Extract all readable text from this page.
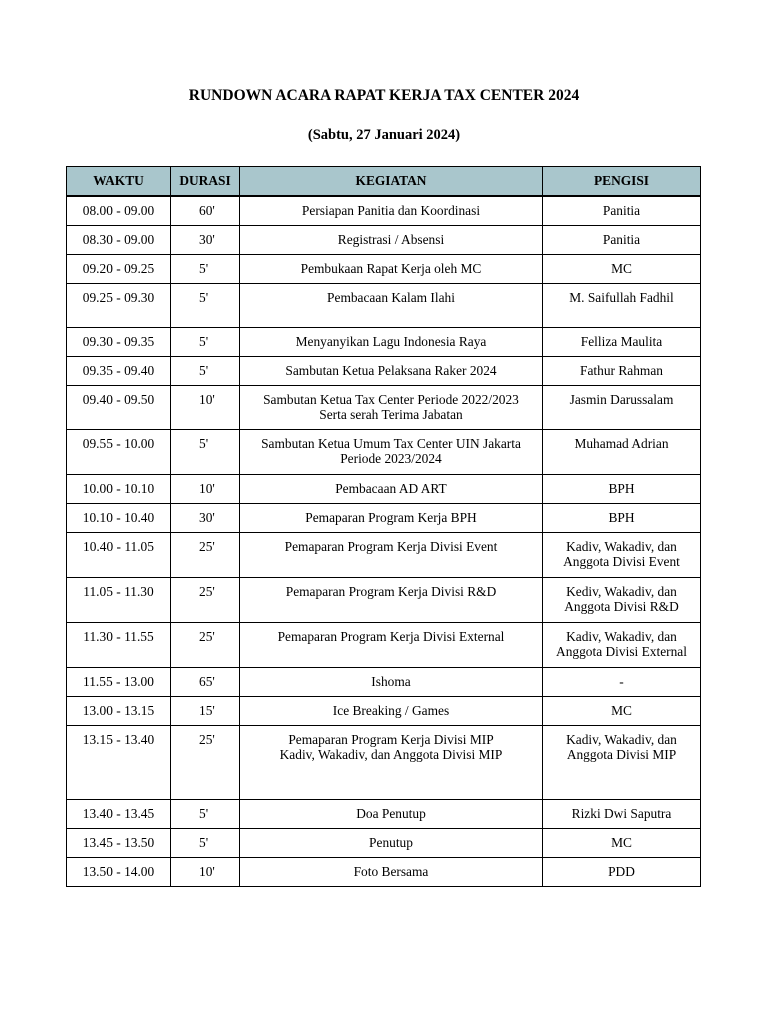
RUNDOWN ACARA RAPAT KERJA TAX CENTER 2024

(Sabtu, 27 Januari 2024)

WAKTU	DURASI	KEGIATAN	PENGISI
08.00 - 09.00	60'	Persiapan Panitia dan Koordinasi	Panitia

08.30 - 09.00	30'	Registrasi / Absensi	Panitia

09.20 - 09.25	5'	Pembukaan Rapat Kerja oleh MC	MC

09.25 - 09.30	5'	Pembacaan Kalam Ilahi	M. Saifullah Fadhil

09.30 - 09.35	5'	Menyanyikan Lagu Indonesia Raya	Felliza Maulita

09.35 - 09.40	5'	Sambutan Ketua Pelaksana Raker 2024	Fathur Rahman

09.40 - 09.50	10'	Sambutan Ketua Tax Center Periode 2022/2023
Serta serah Terima Jabatan	Jasmin Darussalam

09.55 - 10.00	5'	Sambutan Ketua Umum Tax Center UIN Jakarta
Periode 2023/2024	Muhamad Adrian

10.00 - 10.10	10'	Pembacaan AD ART	BPH

10.10 - 10.40	30'	Pemaparan Program Kerja BPH	BPH

10.40 - 11.05	25'	Pemaparan Program Kerja Divisi Event	Kadiv, Wakadiv, dan
Anggota Divisi Event

11.05 - 11.30	25'	Pemaparan Program Kerja Divisi R&D	Kediv, Wakadiv, dan
Anggota Divisi R&D

11.30 - 11.55	25'	Pemaparan Program Kerja Divisi External	Kadiv, Wakadiv, dan
Anggota Divisi External

11.55 - 13.00	65'	Ishoma	-

13.00 - 13.15	15'	Ice Breaking / Games	MC

13.15 - 13.40	25'	Pemaparan Program Kerja Divisi MIP
Kadiv, Wakadiv, dan Anggota Divisi MIP	Kadiv, Wakadiv, dan
Anggota Divisi MIP

13.40 - 13.45	5'	Doa Penutup	Rizki Dwi Saputra

13.45 - 13.50	5'	Penutup	MC

13.50 - 14.00	10'	Foto Bersama	PDD
